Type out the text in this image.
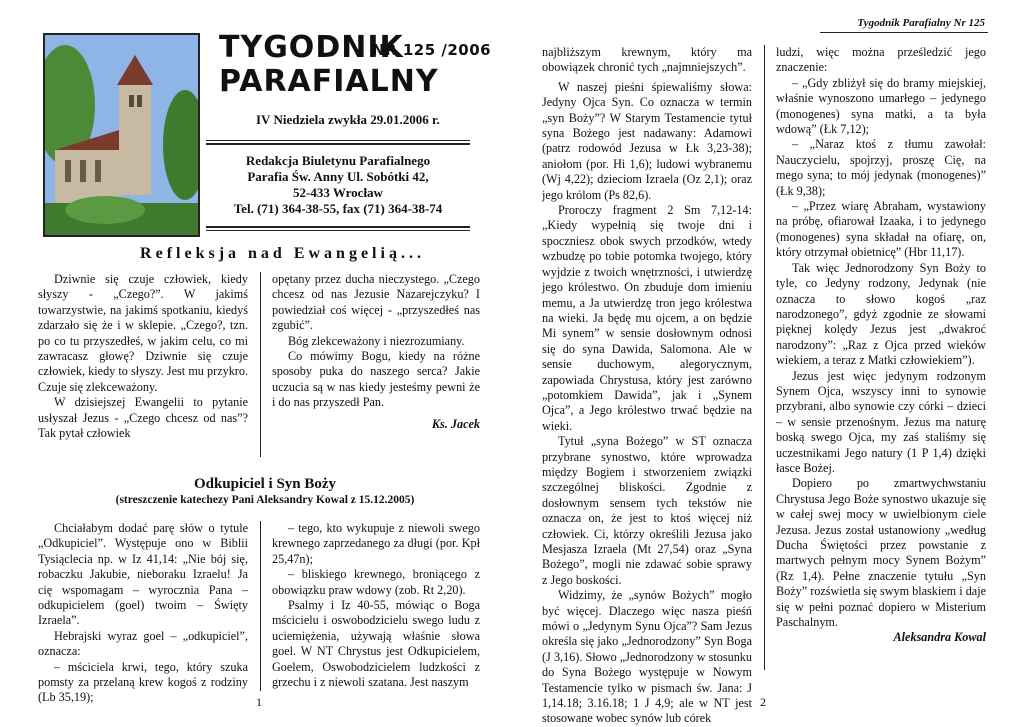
TYGODNIK
NR 125 /2006
PARAFIALNY
IV Niedziela zwykła 29.01.2006 r.
Redakcja Biuletynu Parafialnego
Parafia Św. Anny Ul. Sobótki 42,
52-433 Wrocław
Tel. (71) 364-38-55, fax (71) 364-38-74
Refleksja nad Ewangelią...

Dziwnie się czuje człowiek, kiedy słyszy - „Czego?”. W jakimś towarzystwie, na jakimś spotkaniu, kiedyś zdarzało się że i w sklepie. „Czego?, tzn. po co tu przyszedłeś, w jakim celu, co mi zawracasz głowę? Dziwnie się czuje człowiek, kiedy to słyszy. Jest mu przykro. Czuje się zlekceważony.

W dzisiejszej Ewangelii to pytanie usłyszał Jezus - „Czego chcesz od nas”? Tak pytał człowiek

opętany przez ducha nieczystego. „Czego chcesz od nas Jezusie Nazarejczyku? I powiedział coś więcej - „przyszedłeś nas zgubić”.

Bóg zlekceważony i niezrozumiany.

Co mówimy Bogu, kiedy na różne sposoby puka do naszego serca? Jakie uczucia są w nas kiedy jesteśmy pewni że i do nas przyszedł Pan.

Ks. Jacek

Odkupiciel i Syn Boży
(streszczenie katechezy Pani Aleksandry Kowal z 15.12.2005)

Chciałabym dodać parę słów o tytule „Odkupiciel”. Występuje ono w Biblii Tysiąclecia np. w Iz 41,14: „Nie bój się, robaczku Jakubie, nieboraku Izraelu! Ja cię wspomagam – wyrocznia Pana – odkupicielem (goel) twoim – Święty Izraela”.

Hebrajski wyraz goel – „odkupiciel”, oznacza:

– mściciela krwi, tego, który szuka pomsty za przelaną krew kogoś z rodziny (Lb 35,19);

– tego, kto wykupuje z niewoli swego krewnego zaprzedanego za długi (por. Kpł 25,47n);

– bliskiego krewnego, broniącego z obowiązku praw wdowy (zob. Rt 2,20).

Psalmy i Iz 40-55, mówiąc o Boga mścicielu i oswobodzicielu swego ludu z uciemiężenia, używają właśnie słowa goel. W NT Chrystus jest Odkupicielem, Goelem, Oswobodzicielem ludzkości z grzechu i z niewoli szatana. Jest naszym

1
Tygodnik Parafialny Nr 125

najbliższym krewnym, który ma obowiązek chronić tych „najmniejszych”.

W naszej pieśni śpiewaliśmy słowa: Jedyny Ojca Syn. Co oznacza w termin „syn Boży”? W Starym Testamencie tytuł syna Bożego jest nadawany: Adamowi (patrz rodowód Jezusa w Łk 3,23-38); aniołom (por. Hi 1,6); ludowi wybranemu (Wj 4,22); dzieciom Izraela (Oz 2,1); oraz jego królom (Ps 82,6).

Proroczy fragment 2 Sm 7,12-14: „Kiedy wypełnią się twoje dni i spoczniesz obok swych przodków, wtedy wzbudzę po tobie potomka twojego, który wyjdzie z twoich wnętrzności, i utwierdzę jego królestwo. On zbuduje dom imieniu memu, a Ja utwierdzę tron jego królestwa na wieki. Ja będę mu ojcem, a on będzie Mi synem” w sensie dosłownym odnosi się do syna Dawida, Salomona. Ale w sensie duchowym, alegorycznym, zapowiada Chrystusa, który jest zarówno „potomkiem Dawida”, jak i „Synem Ojca”, a Jego królestwo trwać będzie na wieki.

Tytuł „syna Bożego” w ST oznacza przybrane synostwo, które wprowadza między Bogiem i stworzeniem związki szczególnej bliskości. Zgodnie z dosłownym sensem tych tekstów nie oznacza on, że jest to ktoś więcej niż człowiek. Ci, którzy określili Jezusa jako Mesjasza Izraela (Mt 27,54) oraz „Syna Bożego”, mogli nie zdawać sobie sprawy z Jego boskości.

Widzimy, że „synów Bożych” mogło być więcej. Dlaczego więc nasza pieśń mówi o „Jedynym Synu Ojca”? Sam Jezus określa się jako „Jednorodzony” Syn Boga (J 3,16). Słowo „Jednorodzony w stosunku do Syna Bożego występuje w Nowym Testamencie tylko w pismach św. Jana: J 1,14.18; 3.16.18; 1 J 4,9; ale w NT jest stosowane wobec synów lub córek

ludzi, więc można prześledzić jego znaczenie:

– „Gdy zbliżył się do bramy miejskiej, właśnie wynoszono umarłego – jedynego (monogenes) syna matki, a ta była wdową” (Łk 7,12);

– „Naraz ktoś z tłumu zawołał: Nauczycielu, spojrzyj, proszę Cię, na mego syna; to mój jedynak (monogenes)” (Łk 9,38);

– „Przez wiarę Abraham, wystawiony na próbę, ofiarował Izaaka, i to jedynego (monogenes) syna składał na ofiarę, on, który otrzymał obietnicę” (Hbr 11,17).

Tak więc Jednorodzony Syn Boży to tyle, co Jedyny rodzony, Jedynak (nie oznacza to słowo kogoś „raz narodzonego”, gdyż zgodnie ze słowami pięknej kolędy Jezus jest „dwakroć narodzony”: „Raz z Ojca przed wieków wiekiem, a teraz z Matki człowiekiem”).

Jezus jest więc jedynym rodzonym Synem Ojca, wszyscy inni to synowie przybrani, albo synowie czy córki – dzieci – w sensie przenośnym. Jezus ma naturę boską swego Ojca, my zaś staliśmy się uczestnikami Jego natury (1 P 1,4) dzięki łasce Bożej.

Dopiero po zmartwychwstaniu Chrystusa Jego Boże synostwo ukazuje się w całej swej mocy w uwielbionym ciele Jezusa. Jezus został ustanowiony „według Ducha Świętości przez powstanie z martwych pełnym mocy Synem Bożym” (Rz 1,4). Pełne znaczenie tytułu „Syn Boży” rozświetla się swym blaskiem i daje się w pełni poznać dopiero w Misterium Paschalnym.

Aleksandra Kowal

2
